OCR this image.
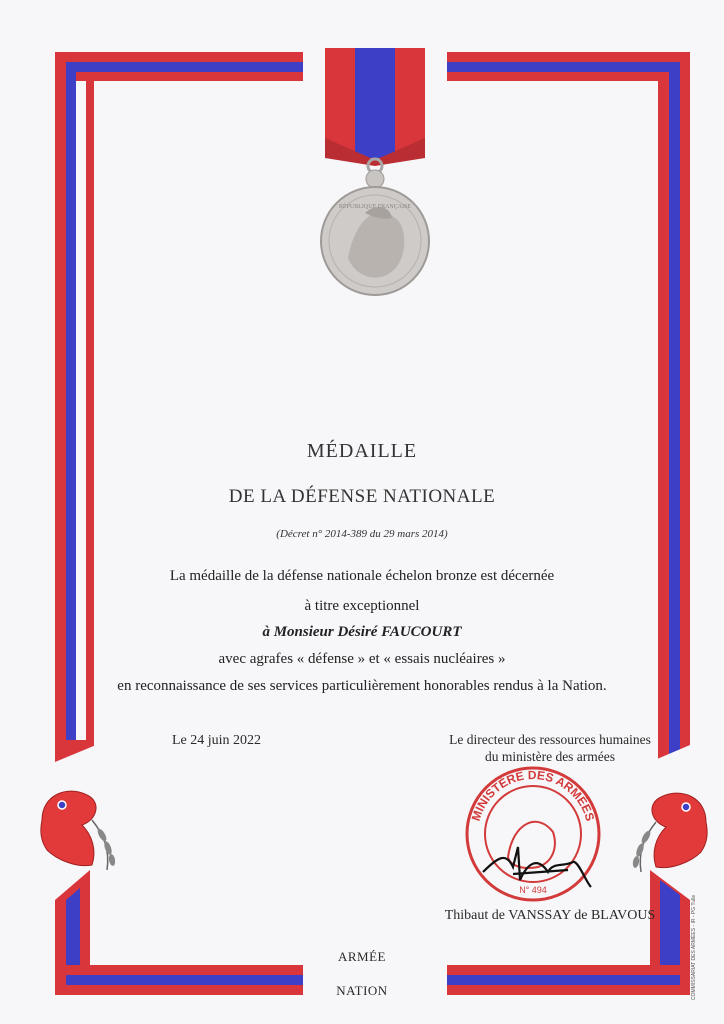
RÉPUBLIQUE FRANÇAISE
MÉDAILLE
DE LA DÉFENSE NATIONALE
(Décret n° 2014-389 du 29 mars 2014)
La médaille de la défense nationale échelon bronze est décernée
à titre exceptionnel
à Monsieur Désiré FAUCOURT
avec agrafes « défense » et « essais nucléaires »
en reconnaissance de ses services particulièrement honorables rendus à la Nation.
Le 24 juin 2022	Le directeur des ressources humaines
du ministère des armées
MINISTÈRE DES ARMÉES
N° 494
Thibaut de VANSSAY de BLAVOUS
ARMÉE
NATION	COMMISSARIAT DES ARMÉES - IR - PG Tulle
